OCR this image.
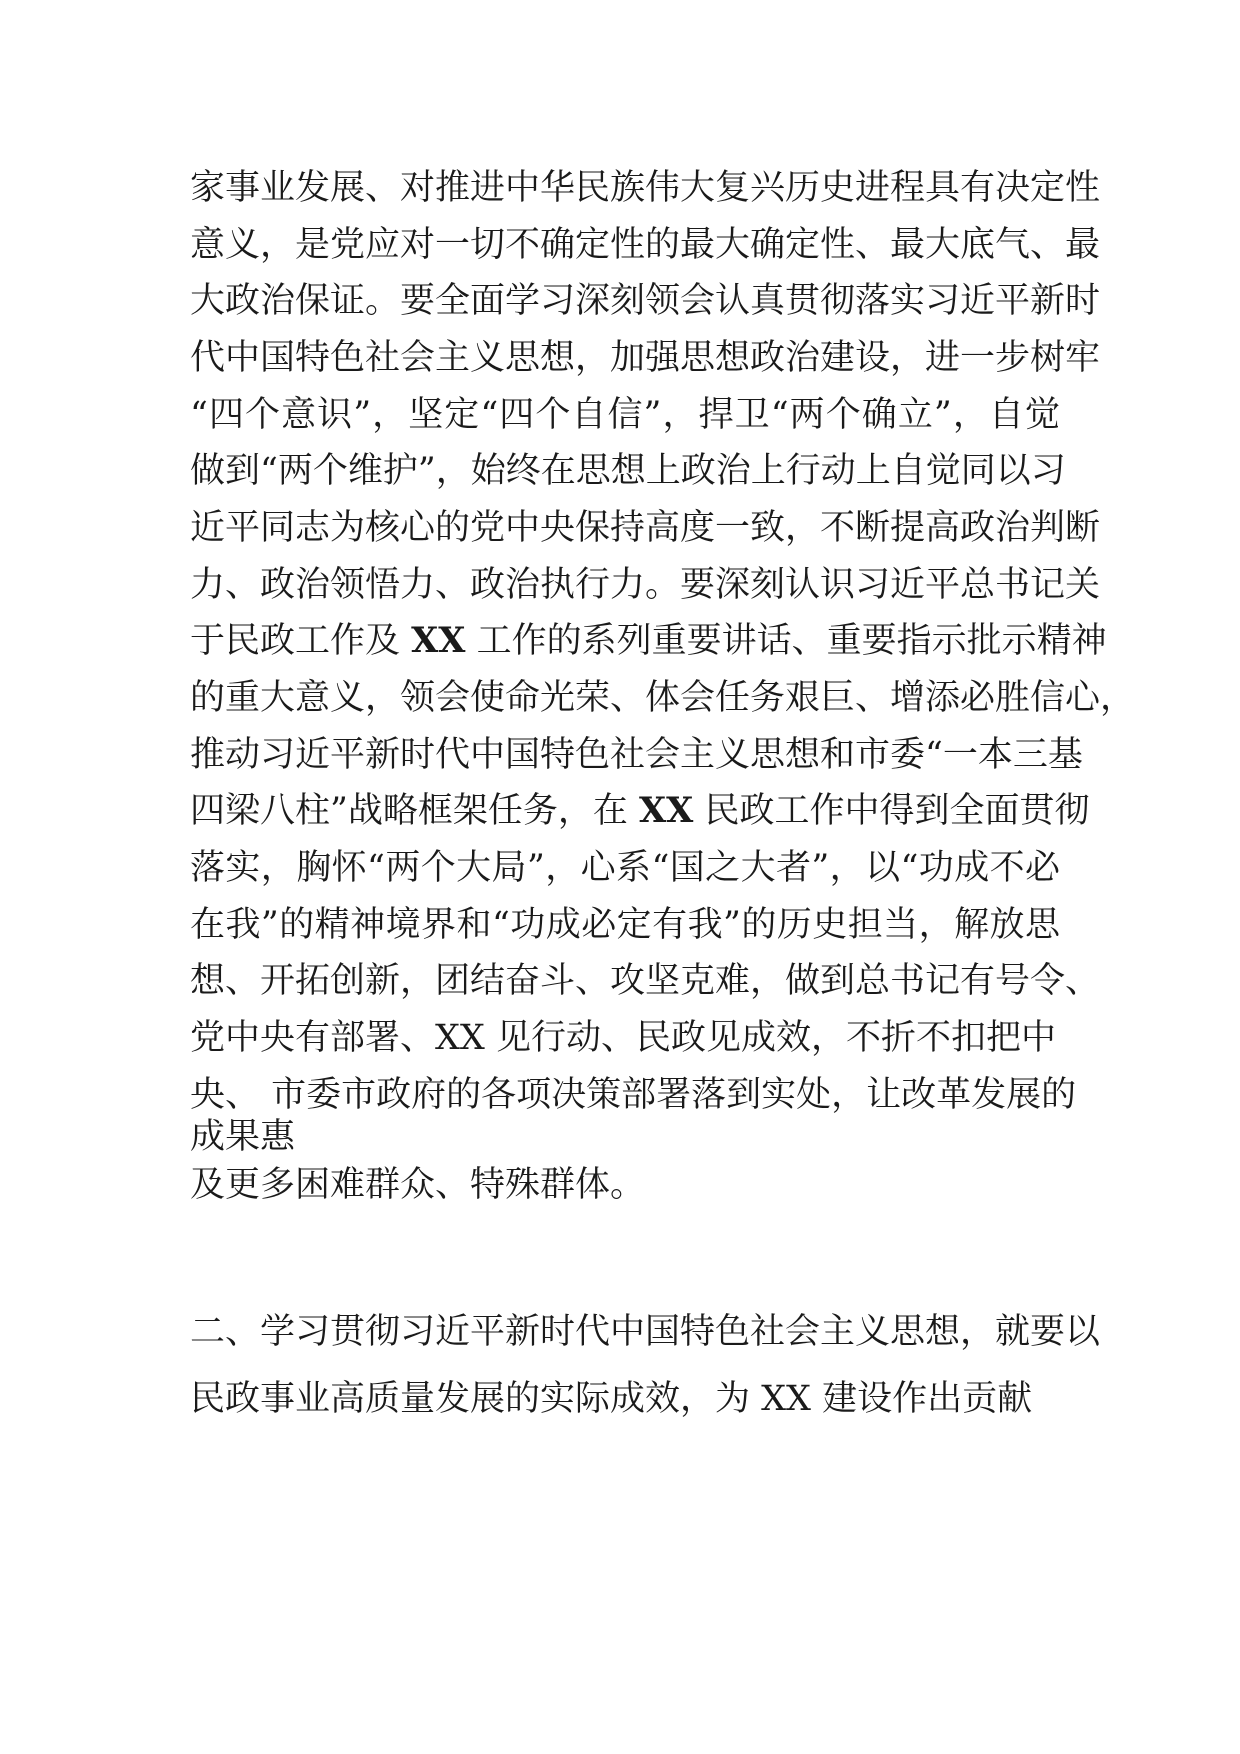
家事业发展、对推进中华民族伟大复兴历史进程具有决定性
意义，是党应对一切不确定性的最大确定性、最大底气、最
大政治保证。要全面学习深刻领会认真贯彻落实习近平新时
代中国特色社会主义思想，加强思想政治建设，进一步树牢
“四个意识”，坚定“四个自信”，捍卫“两个确立”，自觉
做到“两个维护”，始终在思想上政治上行动上自觉同以习
近平同志为核心的党中央保持高度一致，不断提高政治判断
力、政治领悟力、政治执行力。要深刻认识习近平总书记关
于民政工作及 XX 工作的系列重要讲话、重要指示批示精神
的重大意义，领会使命光荣、体会任务艰巨、增添必胜信心，
推动习近平新时代中国特色社会主义思想和市委“一本三基
四梁八柱”战略框架任务，在 XX 民政工作中得到全面贯彻
落实，胸怀“两个大局”，心系“国之大者”，以“功成不必
在我”的精神境界和“功成必定有我”的历史担当，解放思
想、开拓创新，团结奋斗、攻坚克难，做到总书记有号令、
党中央有部署、XX 见行动、民政见成效，不折不扣把中
央、 市委市政府的各项决策部署落到实处，让改革发展的
成果惠
及更多困难群众、特殊群体。
二、学习贯彻习近平新时代中国特色社会主义思想，就要以
民政事业高质量发展的实际成效，为 XX 建设作出贡献
